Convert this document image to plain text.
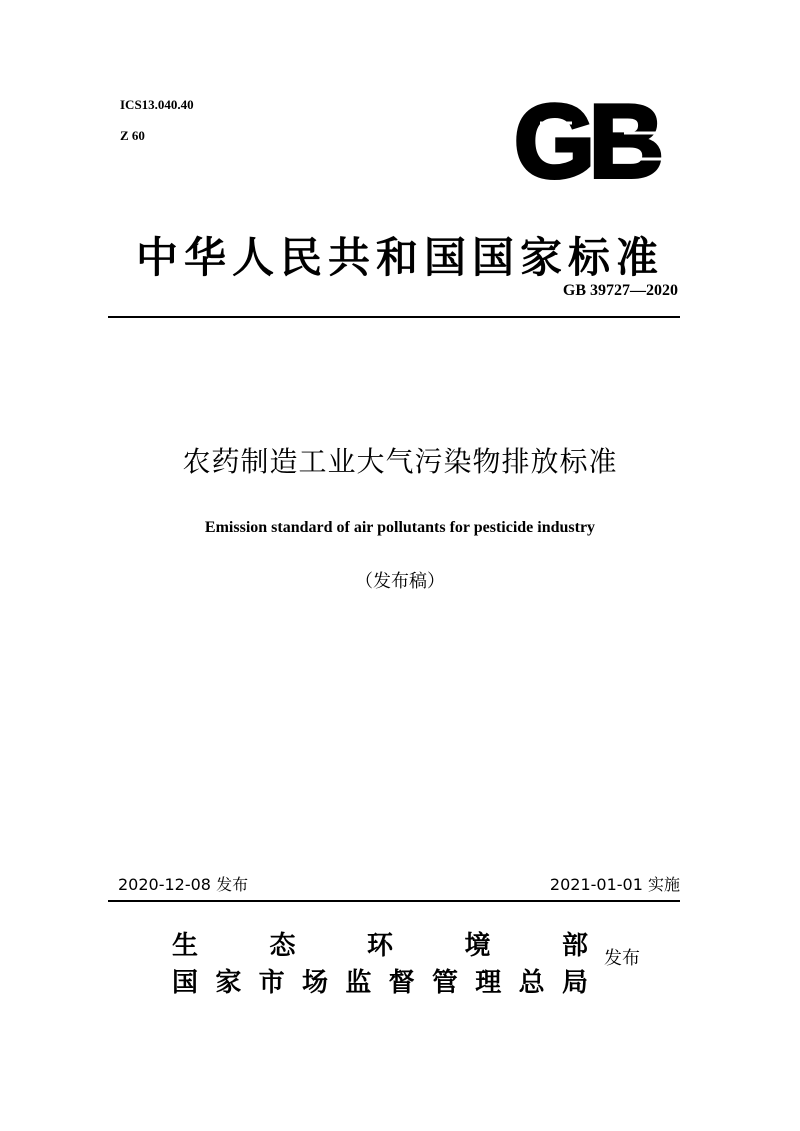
ICS13.040.40
Z 60	GB
中华人民共和国国家标准
GB 39727—2020
农药制造工业大气污染物排放标准
Emission standard of air pollutants for pesticide industry
（发布稿）
2020-12-08 发布	2021-01-01 实施
生	态	环	境	部
国 家 市 场 监 督 管 理 总 局
发布
